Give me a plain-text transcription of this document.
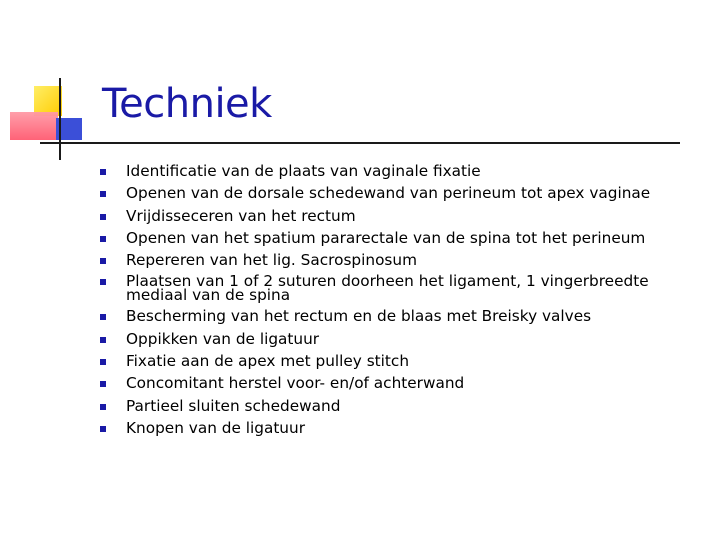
Techniek
Identificatie van de plaats van vaginale fixatie
Openen van de dorsale schedewand van perineum tot apex vaginae
Vrijdisseceren van het rectum
Openen van het spatium pararectale van de spina tot het perineum
Repereren van het lig. Sacrospinosum
Plaatsen van 1 of 2 suturen doorheen het ligament, 1 vingerbreedte mediaal van de spina
Bescherming van het rectum en de blaas met Breisky valves
Oppikken van de ligatuur
Fixatie aan de apex met pulley stitch
Concomitant herstel voor- en/of achterwand
Partieel sluiten schedewand
Knopen van de ligatuur
